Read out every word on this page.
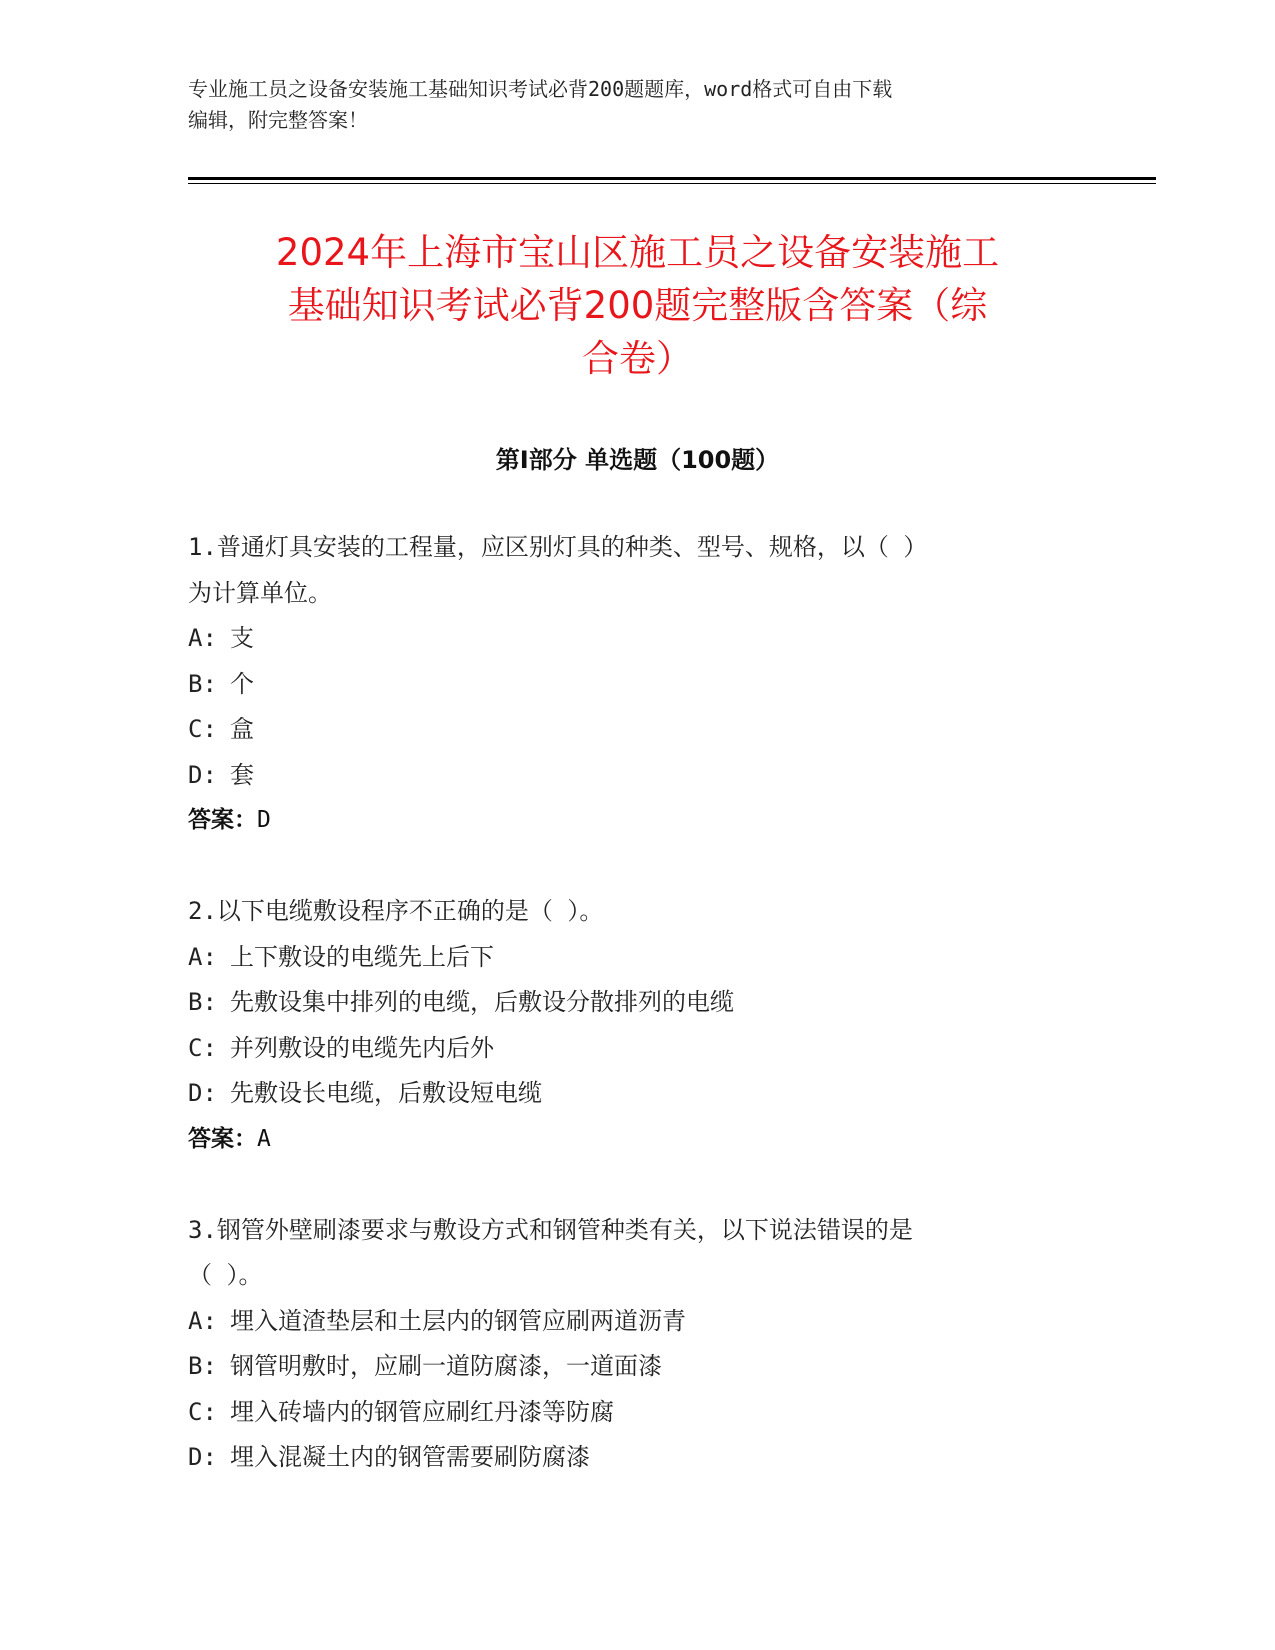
专业施工员之设备安装施工基础知识考试必背200题题库，word格式可自由下载
编辑，附完整答案！
2024年上海市宝山区施工员之设备安装施工
基础知识考试必背200题完整版含答案（综
合卷）
第Ⅰ部分 单选题（100题）
1.普通灯具安装的工程量，应区别灯具的种类、型号、规格，以（ ）
为计算单位。
A: 支
B: 个
C: 盒
D: 套
答案：D
2.以下电缆敷设程序不正确的是（ ）。
A: 上下敷设的电缆先上后下
B: 先敷设集中排列的电缆，后敷设分散排列的电缆
C: 并列敷设的电缆先内后外
D: 先敷设长电缆，后敷设短电缆
答案：A
3.钢管外壁刷漆要求与敷设方式和钢管种类有关，以下说法错误的是
（ ）。
A: 埋入道渣垫层和土层内的钢管应刷两道沥青
B: 钢管明敷时，应刷一道防腐漆，一道面漆
C: 埋入砖墙内的钢管应刷红丹漆等防腐
D: 埋入混凝土内的钢管需要刷防腐漆
